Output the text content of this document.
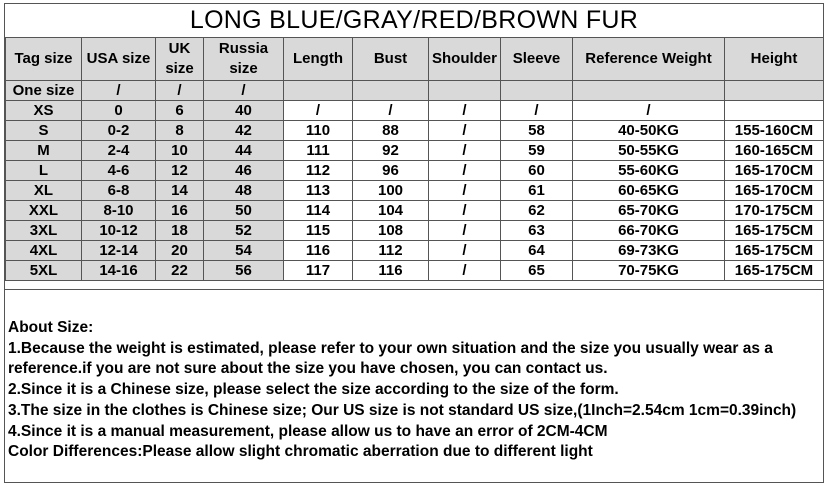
LONG BLUE/GRAY/RED/BROWN FUR
Tag size	USA size	UK size	Russia size	Length	Bust	Shoulder	Sleeve	Reference Weight	Height
One size	/	/	/						
XS	0	6	40	/	/	/	/	/	
S	0-2	8	42	110	88	/	58	40-50KG	155-160CM
M	2-4	10	44	111	92	/	59	50-55KG	160-165CM
L	4-6	12	46	112	96	/	60	55-60KG	165-170CM
XL	6-8	14	48	113	100	/	61	60-65KG	165-170CM
XXL	8-10	16	50	114	104	/	62	65-70KG	170-175CM
3XL	10-12	18	52	115	108	/	63	66-70KG	165-175CM
4XL	12-14	20	54	116	112	/	64	69-73KG	165-175CM
5XL	14-16	22	56	117	116	/	65	70-75KG	165-175CM

About Size:

1.Because the weight is estimated, please refer to your own situation and the size you usually wear as a reference.if you are not sure about the size you have chosen, you can contact us.

2.Since it is a Chinese size, please select the size according to the size of the form.

3.The size in the clothes is Chinese size; Our US size is not standard US size,(1Inch=2.54cm 1cm=0.39inch)

4.Since it is a manual measurement, please allow us to have an error of 2CM-4CM

Color Differences:Please allow slight chromatic aberration due to different light
